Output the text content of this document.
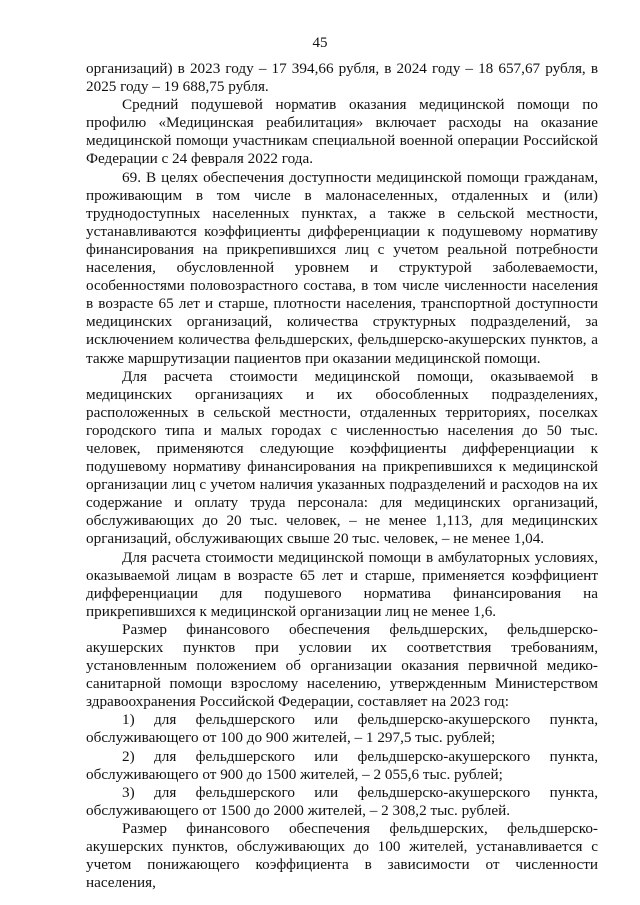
45

организаций) в 2023 году – 17 394,66 рубля, в 2024 году – 18 657,67 рубля, в 2025 году – 19 688,75 рубля.

Средний подушевой норматив оказания медицинской помощи по профилю «Медицинская реабилитация» включает расходы на оказание медицинской помощи участникам специальной военной операции Российской Федерации с 24 февраля 2022 года.

69. В целях обеспечения доступности медицинской помощи гражданам, проживающим в том числе в малонаселенных, отдаленных и (или) труднодоступных населенных пунктах, а также в сельской местности, устанавливаются коэффициенты дифференциации к подушевому нормативу финансирования на прикрепившихся лиц с учетом реальной потребности населения, обусловленной уровнем и структурой заболеваемости, особенностями половозрастного состава, в том числе численности населения в возрасте 65 лет и старше, плотности населения, транспортной доступности медицинских организаций, количества структурных подразделений, за исключением количества фельдшерских, фельдшерско-акушерских пунктов, а также маршрутизации пациентов при оказании медицинской помощи.

Для расчета стоимости медицинской помощи, оказываемой в медицинских организациях и их обособленных подразделениях, расположенных в сельской местности, отдаленных территориях, поселках городского типа и малых городах с численностью населения до 50 тыс. человек, применяются следующие коэффициенты дифференциации к подушевому нормативу финансирования на прикрепившихся к медицинской организации лиц с учетом наличия указанных подразделений и расходов на их содержание и оплату труда персонала: для медицинских организаций, обслуживающих до 20 тыс. человек, – не менее 1,113, для медицинских организаций, обслуживающих свыше 20 тыс. человек, – не менее 1,04.

Для расчета стоимости медицинской помощи в амбулаторных условиях, оказываемой лицам в возрасте 65 лет и старше, применяется коэффициент дифференциации для подушевого норматива финансирования на прикрепившихся к медицинской организации лиц не менее 1,6.

Размер финансового обеспечения фельдшерских, фельдшерско-акушерских пунктов при условии их соответствия требованиям, установленным положением об организации оказания первичной медико-санитарной помощи взрослому населению, утвержденным Министерством здравоохранения Российской Федерации, составляет на 2023 год:

1) для фельдшерского или фельдшерско-акушерского пункта, обслуживающего от 100 до 900 жителей, – 1 297,5 тыс. рублей;

2) для фельдшерского или фельдшерско-акушерского пункта, обслуживающего от 900 до 1500 жителей, – 2 055,6 тыс. рублей;

3) для фельдшерского или фельдшерско-акушерского пункта, обслуживающего от 1500 до 2000 жителей, – 2 308,2 тыс. рублей.

Размер финансового обеспечения фельдшерских, фельдшерско-акушерских пунктов, обслуживающих до 100 жителей, устанавливается с учетом понижающего коэффициента в зависимости от численности населения,
